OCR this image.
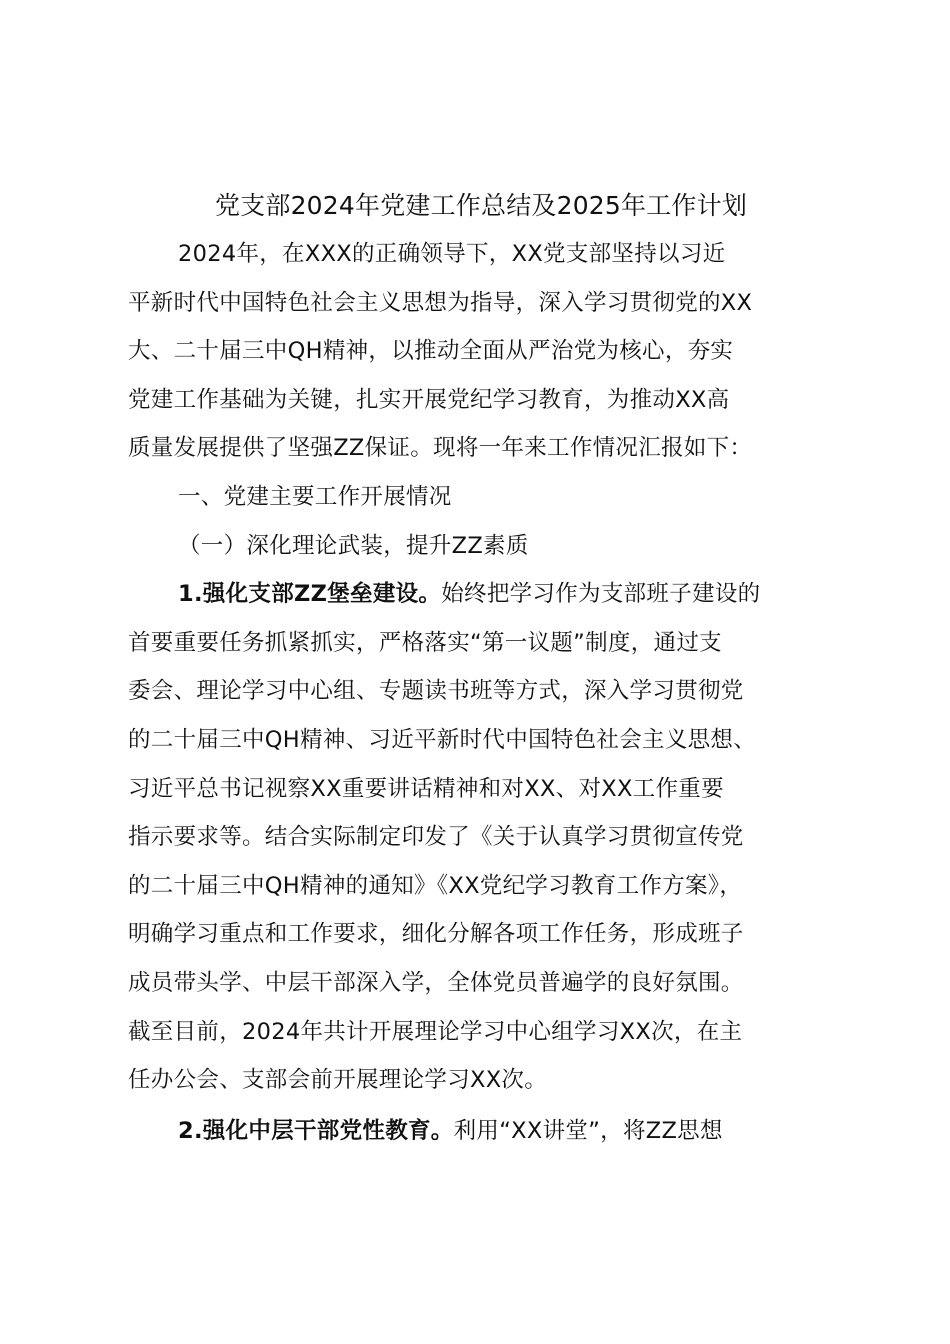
党支部2024年党建工作总结及2025年工作计划
2024年，在XXX的正确领导下，XX党支部坚持以习近
平新时代中国特色社会主义思想为指导，深入学习贯彻党的XX
大、二十届三中QH精神，以推动全面从严治党为核心，夯实
党建工作基础为关键，扎实开展党纪学习教育，为推动XX高
质量发展提供了坚强ZZ保证。现将一年来工作情况汇报如下：
一、党建主要工作开展情况
（一）深化理论武装，提升ZZ素质
1.强化支部ZZ堡垒建设。始终把学习作为支部班子建设的
首要重要任务抓紧抓实，严格落实“第一议题”制度，通过支
委会、理论学习中心组、专题读书班等方式，深入学习贯彻党
的二十届三中QH精神、习近平新时代中国特色社会主义思想、
习近平总书记视察XX重要讲话精神和对XX、对XX工作重要
指示要求等。结合实际制定印发了《关于认真学习贯彻宣传党
的二十届三中QH精神的通知》《XX党纪学习教育工作方案》，
明确学习重点和工作要求，细化分解各项工作任务，形成班子
成员带头学、中层干部深入学，全体党员普遍学的良好氛围。
截至目前，2024年共计开展理论学习中心组学习XX次，在主
任办公会、支部会前开展理论学习XX次。
2.强化中层干部党性教育。利用“XX讲堂”，将ZZ思想
